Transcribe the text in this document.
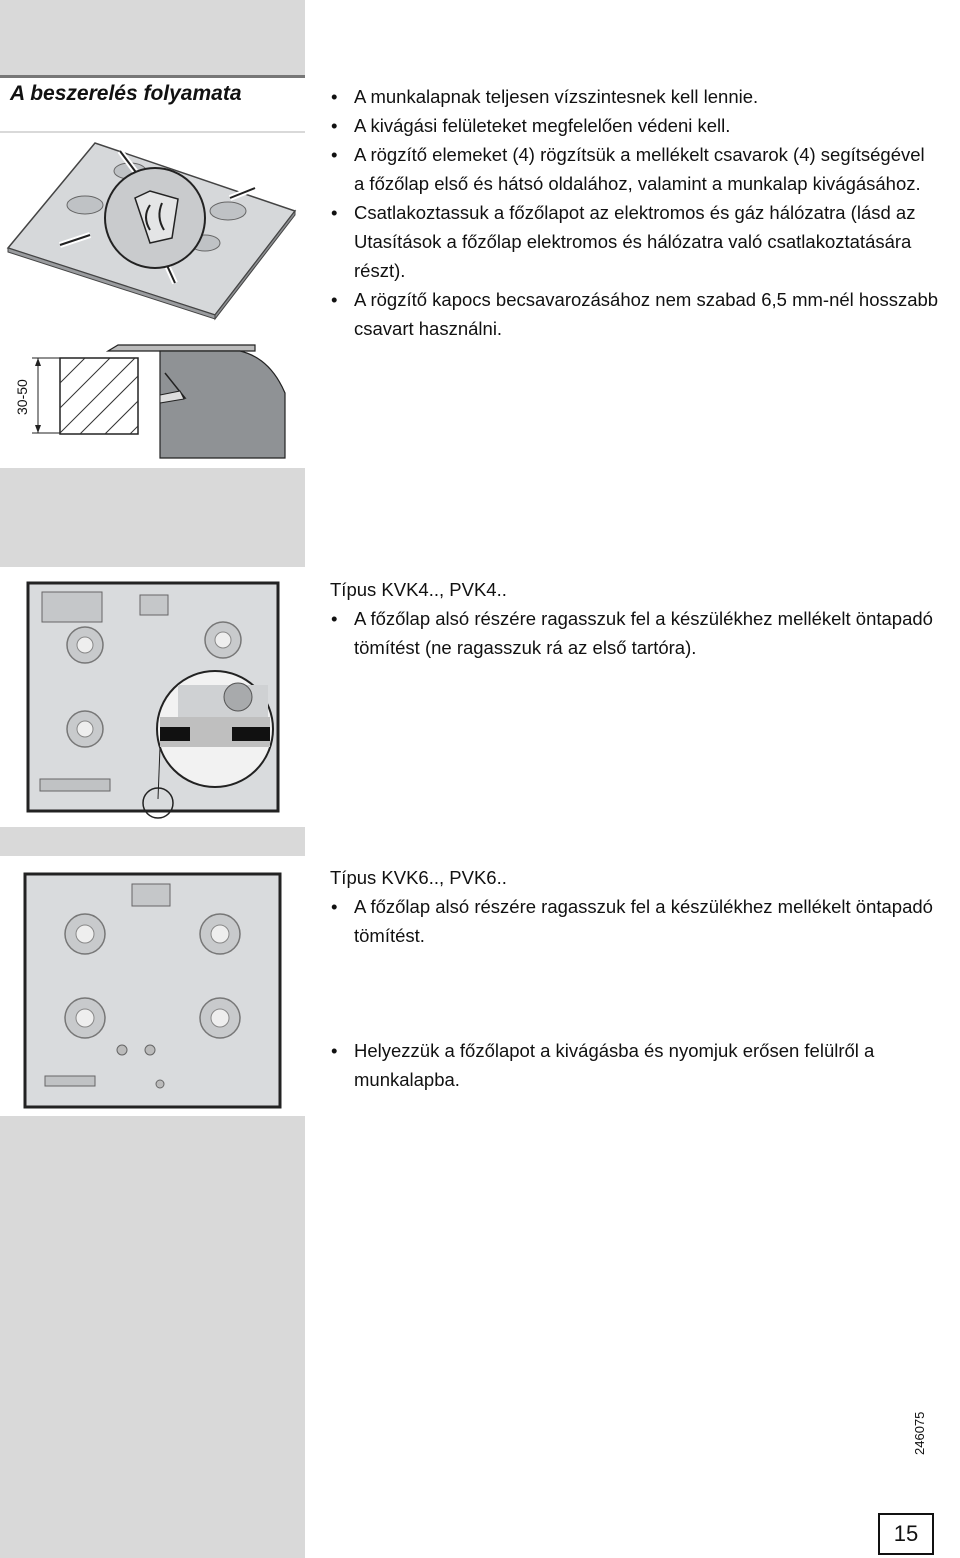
A beszerelés folyamata
30-50
• A munkalapnak teljesen vízszintesnek kell lennie.
• A kivágási felületeket megfelelően védeni kell.
• A rögzítő elemeket (4) rögzítsük a mellékelt csavarok (4) segítségével a főzőlap első és hátsó oldalához, valamint a munkalap kivágásához.
• Csatlakoztassuk a főzőlapot az elektromos és gáz hálózatra (lásd az Utasítások a főzőlap elektromos és hálózatra való csatlakoztatására részt).
• A rögzítő kapocs becsavarozásához nem szabad 6,5 mm-nél hosszabb csavart használni.

Típus KVK4.., PVK4..

• A főzőlap alsó részére ragasszuk fel a készülékhez mellékelt öntapadó tömítést (ne ragasszuk rá az első tartóra).

Típus KVK6.., PVK6..

• A főzőlap alsó részére ragasszuk fel a készülékhez mellékelt öntapadó tömítést.
• Helyezzük a főzőlapot a kivágásba és nyomjuk erősen felülről a munkalapba.
246075
15
